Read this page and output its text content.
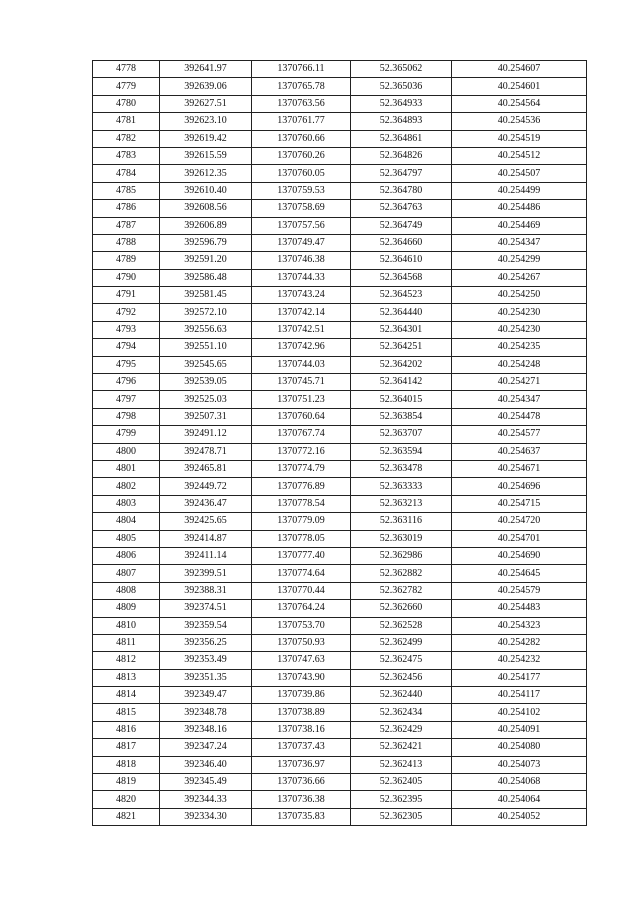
4778	392641.97	1370766.11	52.365062	40.254607
4779	392639.06	1370765.78	52.365036	40.254601
4780	392627.51	1370763.56	52.364933	40.254564
4781	392623.10	1370761.77	52.364893	40.254536
4782	392619.42	1370760.66	52.364861	40.254519
4783	392615.59	1370760.26	52.364826	40.254512
4784	392612.35	1370760.05	52.364797	40.254507
4785	392610.40	1370759.53	52.364780	40.254499
4786	392608.56	1370758.69	52.364763	40.254486
4787	392606.89	1370757.56	52.364749	40.254469
4788	392596.79	1370749.47	52.364660	40.254347
4789	392591.20	1370746.38	52.364610	40.254299
4790	392586.48	1370744.33	52.364568	40.254267
4791	392581.45	1370743.24	52.364523	40.254250
4792	392572.10	1370742.14	52.364440	40.254230
4793	392556.63	1370742.51	52.364301	40.254230
4794	392551.10	1370742.96	52.364251	40.254235
4795	392545.65	1370744.03	52.364202	40.254248
4796	392539.05	1370745.71	52.364142	40.254271
4797	392525.03	1370751.23	52.364015	40.254347
4798	392507.31	1370760.64	52.363854	40.254478
4799	392491.12	1370767.74	52.363707	40.254577
4800	392478.71	1370772.16	52.363594	40.254637
4801	392465.81	1370774.79	52.363478	40.254671
4802	392449.72	1370776.89	52.363333	40.254696
4803	392436.47	1370778.54	52.363213	40.254715
4804	392425.65	1370779.09	52.363116	40.254720
4805	392414.87	1370778.05	52.363019	40.254701
4806	392411.14	1370777.40	52.362986	40.254690
4807	392399.51	1370774.64	52.362882	40.254645
4808	392388.31	1370770.44	52.362782	40.254579
4809	392374.51	1370764.24	52.362660	40.254483
4810	392359.54	1370753.70	52.362528	40.254323
4811	392356.25	1370750.93	52.362499	40.254282
4812	392353.49	1370747.63	52.362475	40.254232
4813	392351.35	1370743.90	52.362456	40.254177
4814	392349.47	1370739.86	52.362440	40.254117
4815	392348.78	1370738.89	52.362434	40.254102
4816	392348.16	1370738.16	52.362429	40.254091
4817	392347.24	1370737.43	52.362421	40.254080
4818	392346.40	1370736.97	52.362413	40.254073
4819	392345.49	1370736.66	52.362405	40.254068
4820	392344.33	1370736.38	52.362395	40.254064
4821	392334.30	1370735.83	52.362305	40.254052
